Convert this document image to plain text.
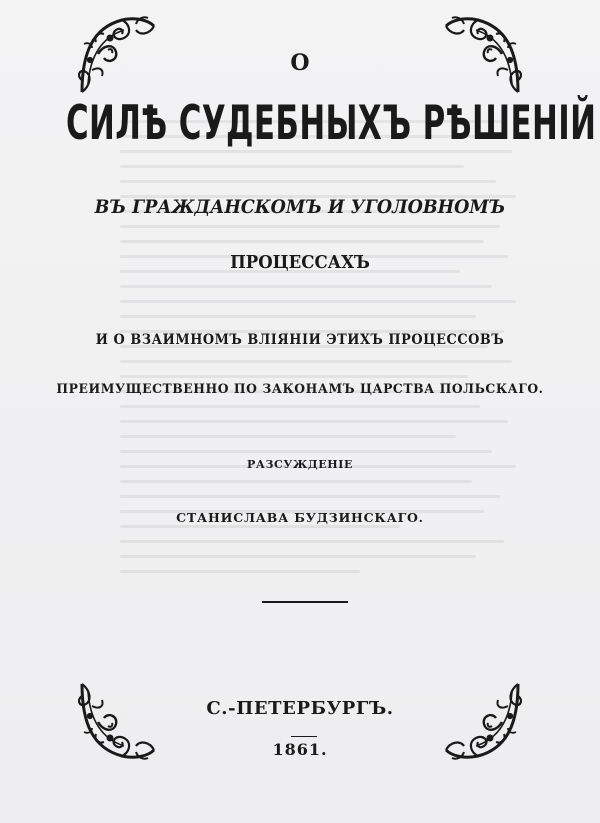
О
СИЛѢ СУДЕБНЫХЪ РѢШЕНІЙ
ВЪ ГРАЖДАНСКОМЪ И УГОЛОВНОМЪ
ПРОЦЕССАХЪ
И О ВЗАИМНОМЪ ВЛІЯНІИ ЭТИХЪ ПРОЦЕССОВЪ
ПРЕИМУЩЕСТВЕННО ПО ЗАКОНАМЪ ЦАРСТВА ПОЛЬСКАГО.
РАЗСУЖДЕНІЕ
СТАНИСЛАВА БУДЗИНСКАГО.
С.-ПЕТЕРБУРГЪ.
1861.
